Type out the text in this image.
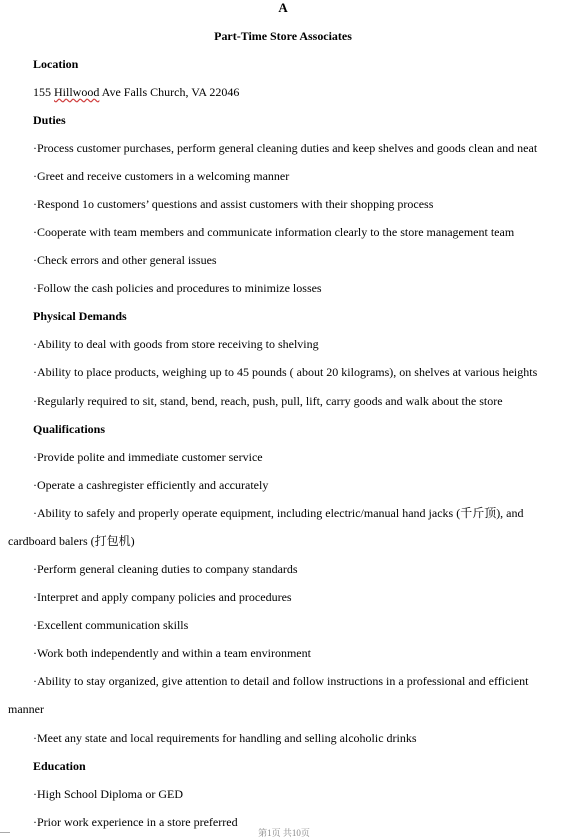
A
Part-Time Store Associates
Location
155 Hillwood Ave Falls Church, VA 22046
Duties
·Process customer purchases, perform general cleaning duties and keep shelves and goods clean and neat
·Greet and receive customers in a welcoming manner
·Respond 1o customers’ questions and assist customers with their shopping process
·Cooperate with team members and communicate information clearly to the store management team
·Check errors and other general issues
·Follow the cash policies and procedures to minimize losses
Physical Demands
·Ability to deal with goods from store receiving to shelving
·Ability to place products, weighing up to 45 pounds ( about 20 kilograms), on shelves at various heights
·Regularly required to sit, stand, bend, reach, push, pull, lift, carry goods and walk about the store
Qualifications
·Provide polite and immediate customer service
·Operate a cashregister efficiently and accurately
·Ability to safely and properly operate equipment, including electric/manual hand jacks (千斤顶), and
cardboard balers (打包机)
·Perform general cleaning duties to company standards
·Interpret and apply company policies and procedures
·Excellent communication skills
·Work both independently and within a team environment
·Ability to stay organized, give attention to detail and follow instructions in a professional and efficient
manner
·Meet any state and local requirements for handling and selling alcoholic drinks
Education
·High School Diploma or GED
·Prior work experience in a store preferred
第1页 共10页
